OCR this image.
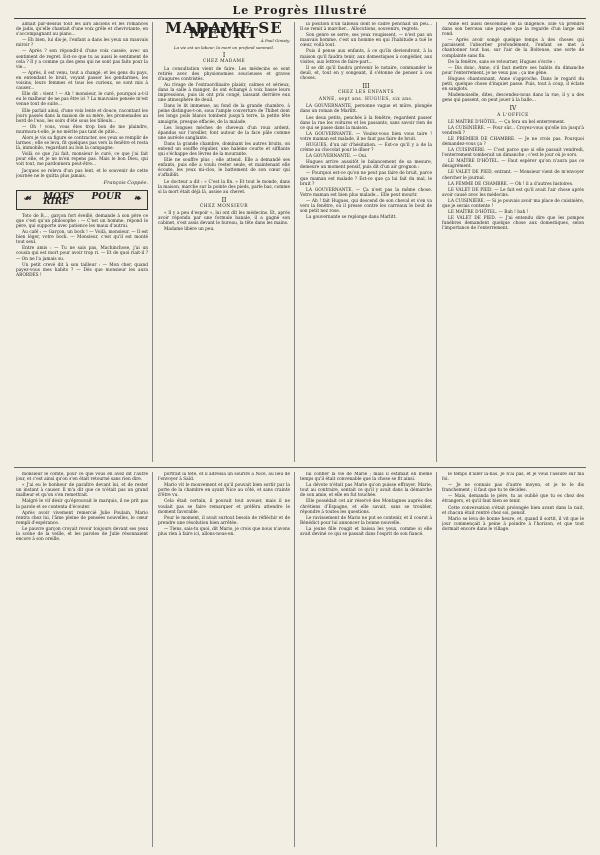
Le Progrès Illustré

aimait par-dessus tout les airs anciens et les romances de jadis, qu'elle chantait d'une voix grêle et chevrotante, en s'accompagnant au piano...

— Eh bien, lui dis-je, l'enfant a dans les yeux un mauvais miroir ?

— Après ? son répondit-il d'une voix cassée, avec un sentiment de regret. Est-ce que tu as aussi le sentiment de cela ? Il y a comme ça des gens qui ne sont pas faits pour la vie...

— Après, il est venu, tout a changé, et les gens du pays, en entendant le bruit, voyant passer les gendarmes, les voisins, leurs femmes et tous les curieux, se sont mis à causer...

Elle dit : vient ! — Ah ! monsieur, le curé, pourquoi a-t-il eu le malheur de ne pas être ici ? La mauvaise pensée m'est venue tout de suite...

Elle parlait ainsi, d'une voix lente et douce, racontant les jours passés dans la maison de sa mère, les promenades au bord de l'eau, les soirs d'été sous les tilleuls...

— Oh ! vous, vous êtes trop bon de me plaindre, murmura-t-elle, je ne mérite pas tant de pitié...

Alors je vis sa figure se contracter, ses yeux se remplir de larmes ; elle se leva, fit quelques pas vers la fenêtre et resta là, immobile, regardant au loin la campagne.

Voilà ce que j'ai fait, monsieur le curé, ce que j'ai fait pour elle, et je ne m'en repens pas. Mais le bon Dieu, qui voit tout, me pardonnera peut-être...

Jacques se releva d'un pas lent, et le souvenir de cette journée ne le quitta plus jamais.

François Coppée.
☙ MOTS POUR RIRE	❧

Toto de B..., garçon fort éveillé, demande à son père ce que c'est qu'un philosophe : — C'est un homme, répond le père, qui supporte avec patience les maux d'autrui.

Au café : — Garçon, un bock ! — Voilà, monsieur. — Il est bien léger, votre bock. — Monsieur, c'est qu'il est monté tout seul.

Entre amis : — Tu ne sais pas, Machinchose, j'ai un cousin qui est mort pour avoir trop ri. — Et de quoi riait-il ? — On ne l'a jamais su.

Un petit crevé dit à son tailleur : — Mon cher, quand payez-vous mes habits ? — Dès que monsieur les aura ABORDÉS !

MADAME SE MEURT À Paul Ginisty.
La vie est un labeur, la mort un profond sommeil.
I
CHEZ MADAME

La consultation vient de faire. Les médecins se sont retirés avec des physionomies soucieuses et graves d'augures contristés.

Au rivage de l'extraordinaire plaisir, calmes et sérieux, dans la salle à manger, ils ont échangé à voix basse leurs impressions, puis ils ont pris congé, laissant derrière eux une atmosphère de deuil.

Dans le lit immense, au fond de la grande chambre, à peine distingue-t-on, sous l'ample couverture de Thibet dont les longs poils blancs tombent jusqu'à terre, la petite tête amaigrie, presque effacée, de la malade.

Les longues mèches de cheveux d'un roux ardent, épandus sur l'oreiller, font autour de la face pâle comme une auréole sanglante.

Dans la grande chambre, dominant les autres bruits, on entend un souffle régulier, une haleine courte et sifflante qui s'échappe des lèvres de la mourante.

Elle ne souffre plus ; elle attend. Elle a demandé ses enfants, puis elle a voulu rester seule, et maintenant elle écoute, les yeux mi-clos, le battement de son cœur qui s'affaiblit.

Le docteur a dit : « C'est la fin. » Et tout le monde, dans la maison, marche sur la pointe des pieds, parle bas, comme si la mort était déjà là, assise au chevet.

II
CHEZ MONSIEUR

« Il y a peu d'espoir », lui ont dit les médecins. Et, après avoir répondu par une formule banale, il a gagné son cabinet, s'est assis devant le bureau, la tête dans les mains.

Madame libère un peu.

la position d'un tableau dont le cadre penchait un peu... Il se remit à marcher... Allocutions, souvenirs, regrets.

Son genre se serre, ses yeux rougissent, — n'est pas un mauvais homme, c'est un homme en qui l'habitude a tué le cœur, voilà tout.

Puis il pense aux enfants, à ce qu'ils deviendront, à la maison qu'il faudra tenir, aux domestiques à congédier, aux visites, aux lettres de faire-part...

Il se dit qu'il faudra prévenir le notaire, commander le deuil, et, tout en y songeant, il s'étonne de penser à ces choses.

III
CHEZ LES ENFANTS
ANNE, sept ans. HUGUES, six ans.

LA GOUVERNANTE, personne vague et mûre, plongée dans un roman de Marlitt.

Les deux petits, penchés à la fenêtre, regardent passer dans la rue les voitures et les passants, sans savoir rien de ce qui se passe dans la maison.

LA GOUVERNANTE. — Voulez-vous bien vous taire ! votre maman est malade, il ne faut pas faire de bruit.

HUGUES, d'un air d'hésitation. — Est-ce qu'il y a de la crème au chocolat pour le dîner ?

LA GOUVERNANTE. — Oui.

Hugues arrive aussitôt le balancement de sa mesure, demeure un moment pensif, puis dit d'un air grognon :

— Pourquoi est-ce qu'on ne peut pas faire de bruit, parce que maman est malade ? Est-ce que ça lui fait du mal, le bruit ?

LA GOUVERNANTE. — Ça n'est pas la même chose. Votre maman est bien plus malade... Elle peut mourir.

— Ah ! fait Hugues, qui descend de son cheval et s'en va vers la fenêtre, où il presse contre les carreaux le bout de son petit nez rose.

La gouvernante se replonge dans Marlitt.

Anne est aussi descendue de la diligence. Elle va prendre dans son berceau une poupée que la regarde d'un large œil rond.

— Après avoir songé quelque temps à des choses qui paraissent l'absorber profondément, l'enfant se met à chantonner tout bas, sur l'air de la Boiteuse, une sorte de complainte sans fin.

De la fenêtre, sans se retourner, Hugues s'écrie :

— Dis donc, Anne, s'il faut mettre ses habits du dimanche pour l'enterrement, je ne veux pas ; ça me gêne.

Hugues chantonnant, Anne s'approche. Dans le regard du petit, quelque chose d'inquiet passe. Puis, tout à coup, il éclate en sanglots.

Mademoiselle, dites, descendez-nous dans la rue, il y a des gens qui passent, on peut jouer à la balle...

IV
À L'OFFICE

LE MAÎTRE D'HÔTEL. — Ça fera un bel enterrement.

LA CUISINIÈRE. — Pour sûr... Croyez-vous qu'elle ira jusqu'à vendredi ?

LE PREMIER DE CHAMBRE. — Je ne crois pas. Pourquoi demandez-vous ça ?

LA CUISINIÈRE. — C'est parce que si elle passait vendredi, l'enterrement tomberait un dimanche ; c'est le jour où je sors.

LE MAÎTRE D'HÔTEL. — Faut espérer qu'on n'aura pas ce désagrément.

LE VALET DE PIED, entrant. — Monsieur vient de m'envoyer chercher le journal.

LA FEMME DE CHAMBRE. — Oh ! il a d'autres histoires.

LE VALET DE PIED. — Le fait est qu'il avait l'air chose après avoir causé avec les médecins.

LA CUISINIÈRE. — Si je pouvais avoir ma place de cuisinière, que je serais contente !

LE MAÎTRE D'HÔTEL. — Bah ! bah !

LE VALET DE PIED. — J'ai entendu dire que les pompes funèbres demandent quelque chose aux domestiques, selon l'importance de l'enterrement.

monsieur le comte, pour ce que vous en avez dit l'autre jour, et c'est ainsi qu'on s'en était retourné sans rien dire.

« J'ai eu le bonheur de paraître devant lui, et de rester un instant à causer. Il m'a dit que ce n'était pas un grand malheur et qu'on s'en remettrait.

Malgré le vif désir qu'éprouvait le marquis, il ne prit pas la parole et se contenta d'écouter.

Après avoir vivement remercié Julie Poulain, Mario rentra chez lui, l'âme pleine de pensées nouvelles, le cœur rempli d'espérance.

Le pauvre garçon croyait revoir toujours devant ses yeux la scène de la veille, et les paroles de Julie résonnaient encore à son oreille.

portrait la tête, et il adressa un sourire à Nice, au lieu de l'envoyer à Saïd.

Mario vit le mouvement et qu'il pouvait bien sortir par la porte de la chambre en ayant Nice au côté, et sans crainte d'être vu.

Cela était certain, il pouvait tout avouer, mais il ne voulait pas se faire remarquer et préféra attendre le moment favorable.

Pour le moment, il avait surtout besoin de réfléchir et de prendre une résolution bien arrêtée.

— Tiens, sais-tu quoi, dit Mario, je crois que nous n'avons plus rien à faire ici, allons-nous-en.

lui confier la vie de Marie ; mais il estimait en même temps qu'il était convenable que la chose se fit ainsi.

La dévote n'était pas Marie qu'on puisse effrayer. Marie, tout au contraire, sentait ce qu'il y avait dans la démarche de son amie, et elle en fut touchée.

Elle possédait cet air réservé des Montagnes auprès des chrétiens d'Espagne, et elle savait, sans se troubler, répondre à toutes les questions.

Le ravissement de Mario ne put se contenir, et il courut à Bénédict pour lui annoncer la bonne nouvelle.

La jeune fille rougit et baissa les yeux, comme si elle avait deviné ce qui se passait dans l'esprit de son fiancé.

le temps d'aller là-bas. Je n'ai pas, et je vous l'assure sur ma foi.

— Je ne connais pas d'autre moyen, et je te le dis franchement ; il faut que tu te décides.

— Mais, demanda le père, tu as oublié que tu es chez des étrangers, et qu'il faut bien se tenir.

Cette conversation s'était prolongée bien avant dans la nuit, et chacun était rentré chez soi, pensif.

Mario se leva de bonne heure, et, quand il sortit, il vit que le jour commençait à peine à poindre à l'horizon, et que tout dormait encore dans le village.
